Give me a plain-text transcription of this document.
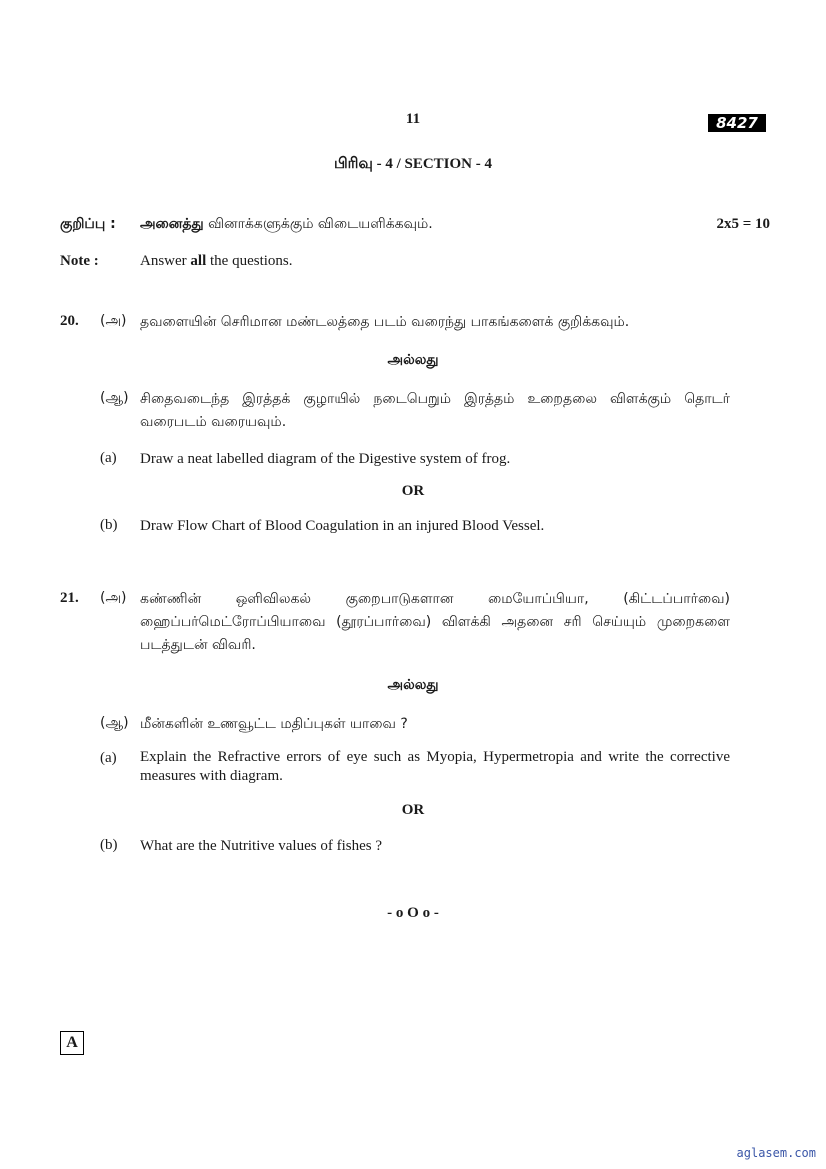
11	8427
பிரிவு - 4 / SECTION - 4
குறிப்பு : அனைத்து வினாக்களுக்கும் விடையளிக்கவும்.	2x5 = 10
Note :	Answer all the questions.
20.	(அ) தவளையின் செரிமான மண்டலத்தை படம் வரைந்து பாகங்களைக் குறிக்கவும்.
அல்லது
(ஆ) சிதைவடைந்த இரத்தக் குழாயில் நடைபெறும் இரத்தம் உறைதலை விளக்கும் தொடர் வரைபடம் வரையவும்.
(a)	Draw a neat labelled diagram of the Digestive system of frog.
OR
(b)	Draw Flow Chart of Blood Coagulation in an injured Blood Vessel.
21.	(அ) கண்ணின் ஒளிவிலகல் குறைபாடுகளான மையோப்பியா, (கிட்டப்பார்வை) ஹைப்பர்மெட்ரோப்பியாவை (தூரப்பார்வை) விளக்கி அதனை சரி செய்யும் முறைகளை படத்துடன் விவரி.
அல்லது
(ஆ) மீன்களின் உணவூட்ட மதிப்புகள் யாவை ?
(a)	Explain the Refractive errors of eye such as Myopia, Hypermetropia and write the corrective measures with diagram.
OR
(b)	What are the Nutritive values of fishes ?
- o O o -
A
aglasem.com
